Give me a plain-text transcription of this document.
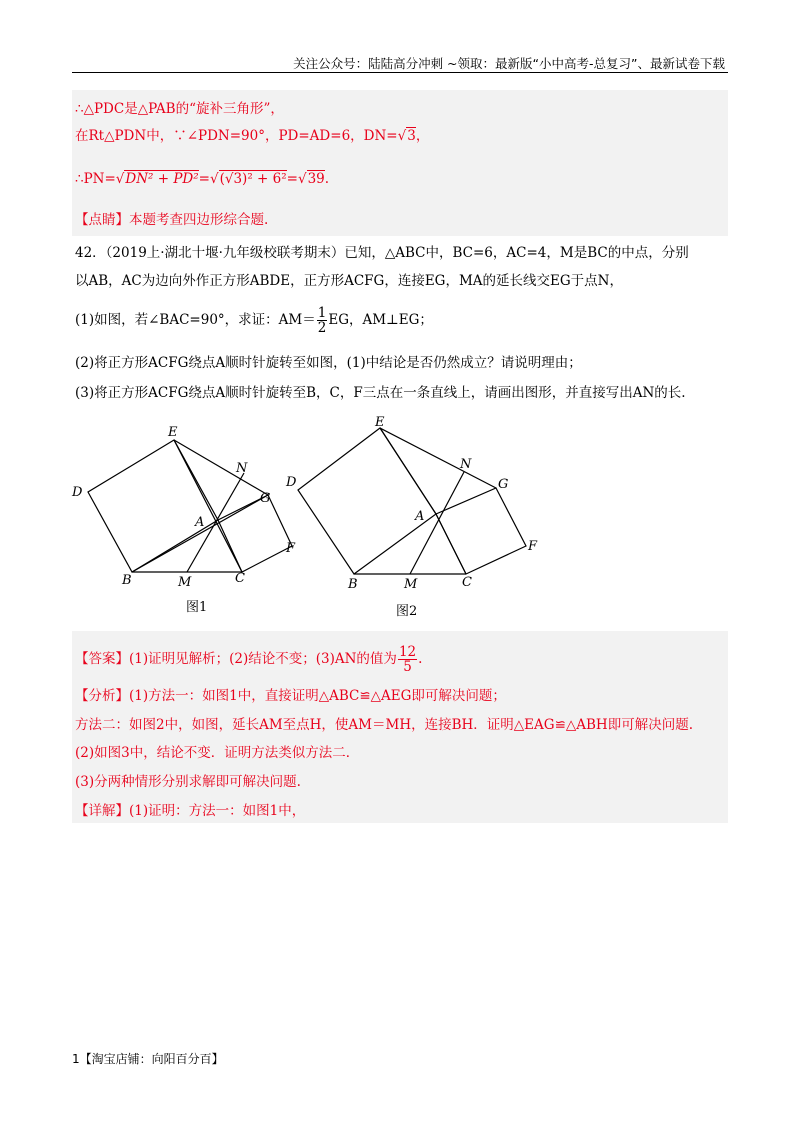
关注公众号：陆陆高分冲刺 ~领取：最新版“小中高考-总复习”、最新试卷下载
∴△PDC是△PAB的“旋补三角形”，
在Rt△PDN中，∵∠PDN=90°，PD=AD=6，DN=√3，
∴PN=√DN² + PD²=√(√3)² + 6²=√39.
【点睛】本题考查四边形综合题.
42．（2019上·湖北十堰·九年级校联考期末）已知，△ABC中，BC=6，AC=4，M是BC的中点，分别
以AB，AC为边向外作正方形ABDE，正方形ACFG，连接EG，MA的延长线交EG于点N，
(1)如图，若∠BAC=90°，求证：$AM= \frac{1}{2}$ EG，AM⊥EG；
(2)将正方形ACFG绕点A顺时针旋转至如图，(1)中结论是否仍然成立？请说明理由；
(3)将正方形ACFG绕点A顺时针旋转至B，C，F三点在一条直线上，请画出图形，并直接写出AN的长.
E
D
N
G
A
F
B	M	C
图1
E
D
N
G
A
F
B	M	C
图2
【答案】(1)证明见解析；(2)结论不变；(3)AN的值为 $\frac{12}{5}$ .
【分析】(1)方法一：如图1中，直接证明△ABC≌△AEG即可解决问题；
方法二：如图2中，如图，延长AM至点H，使AM＝MH，连接BH．证明△EAG≌△ABH即可解决问题.
(2)如图3中，结论不变．证明方法类似方法二．
(3)分两种情形分别求解即可解决问题.
【详解】(1)证明：方法一：如图1中，
1【淘宝店铺：向阳百分百】
